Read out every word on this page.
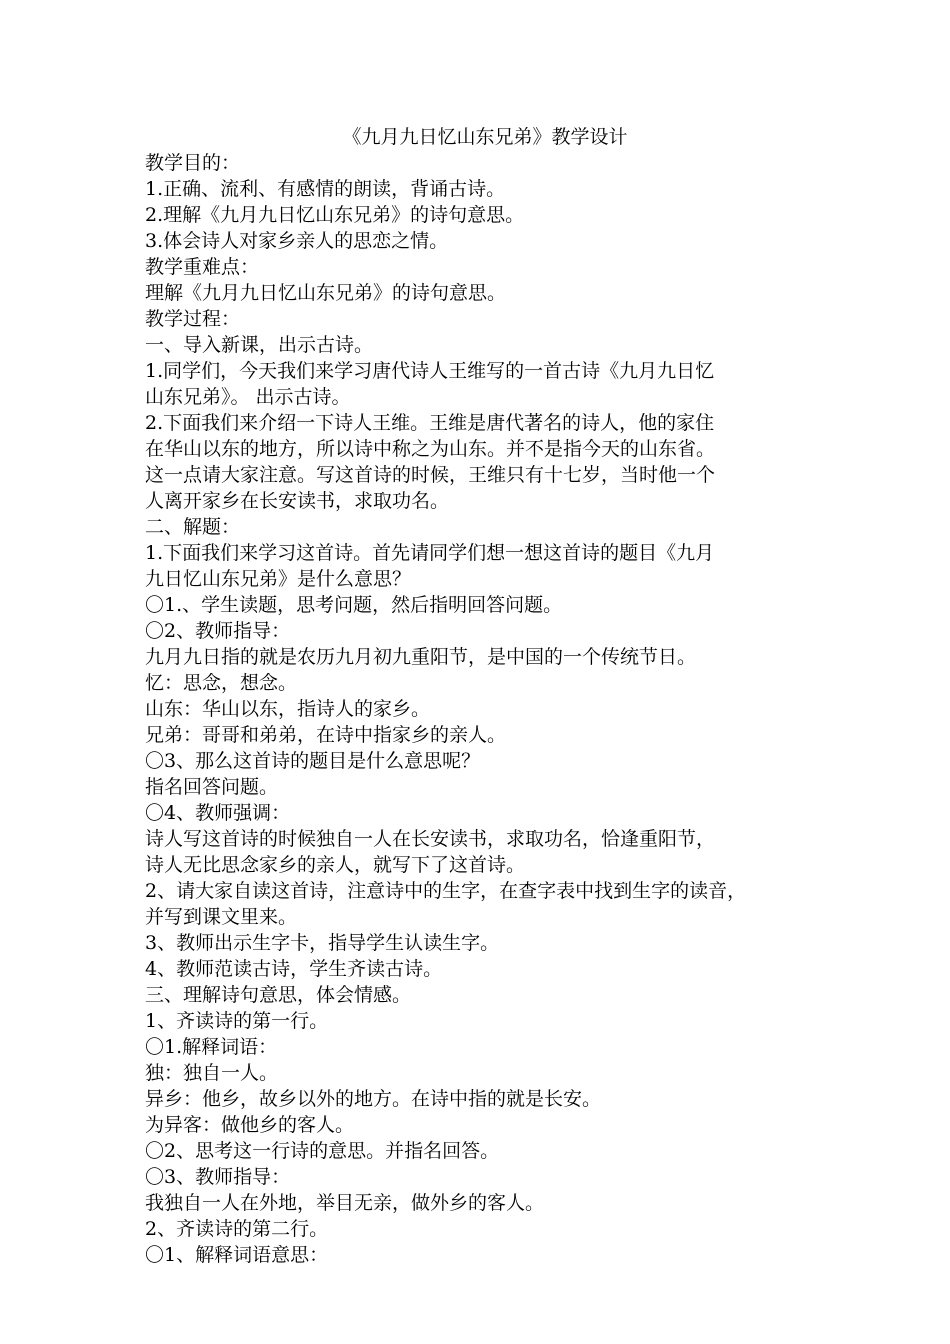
《九月九日忆山东兄弟》教学设计

教学目的：

1.正确、流利、有感情的朗读，背诵古诗。

2.理解《九月九日忆山东兄弟》的诗句意思。

3.体会诗人对家乡亲人的思恋之情。

教学重难点：

理解《九月九日忆山东兄弟》的诗句意思。

教学过程：

一、导入新课，出示古诗。

1.同学们，今天我们来学习唐代诗人王维写的一首古诗《九月九日忆

山东兄弟》。 出示古诗。

2.下面我们来介绍一下诗人王维。王维是唐代著名的诗人，他的家住

在华山以东的地方，所以诗中称之为山东。并不是指今天的山东省。

这一点请大家注意。写这首诗的时候，王维只有十七岁，当时他一个

人离开家乡在长安读书，求取功名。

二、解题：

1.下面我们来学习这首诗。首先请同学们想一想这首诗的题目《九月

九日忆山东兄弟》是什么意思？

〇1.、学生读题，思考问题，然后指明回答问题。

〇2、教师指导：

九月九日指的就是农历九月初九重阳节，是中国的一个传统节日。

忆：思念，想念。

山东：华山以东，指诗人的家乡。

兄弟：哥哥和弟弟，在诗中指家乡的亲人。

〇3、那么这首诗的题目是什么意思呢？

指名回答问题。

〇4、教师强调：

诗人写这首诗的时候独自一人在长安读书，求取功名，恰逢重阳节，

诗人无比思念家乡的亲人，就写下了这首诗。

2、请大家自读这首诗，注意诗中的生字，在查字表中找到生字的读音，

并写到课文里来。

3、教师出示生字卡，指导学生认读生字。

4、教师范读古诗，学生齐读古诗。

三、理解诗句意思，体会情感。

1、齐读诗的第一行。

〇1.解释词语：

独：独自一人。

异乡：他乡，故乡以外的地方。在诗中指的就是长安。

为异客：做他乡的客人。

〇2、思考这一行诗的意思。并指名回答。

〇3、教师指导：

我独自一人在外地，举目无亲，做外乡的客人。

2、齐读诗的第二行。

〇1、解释词语意思：
